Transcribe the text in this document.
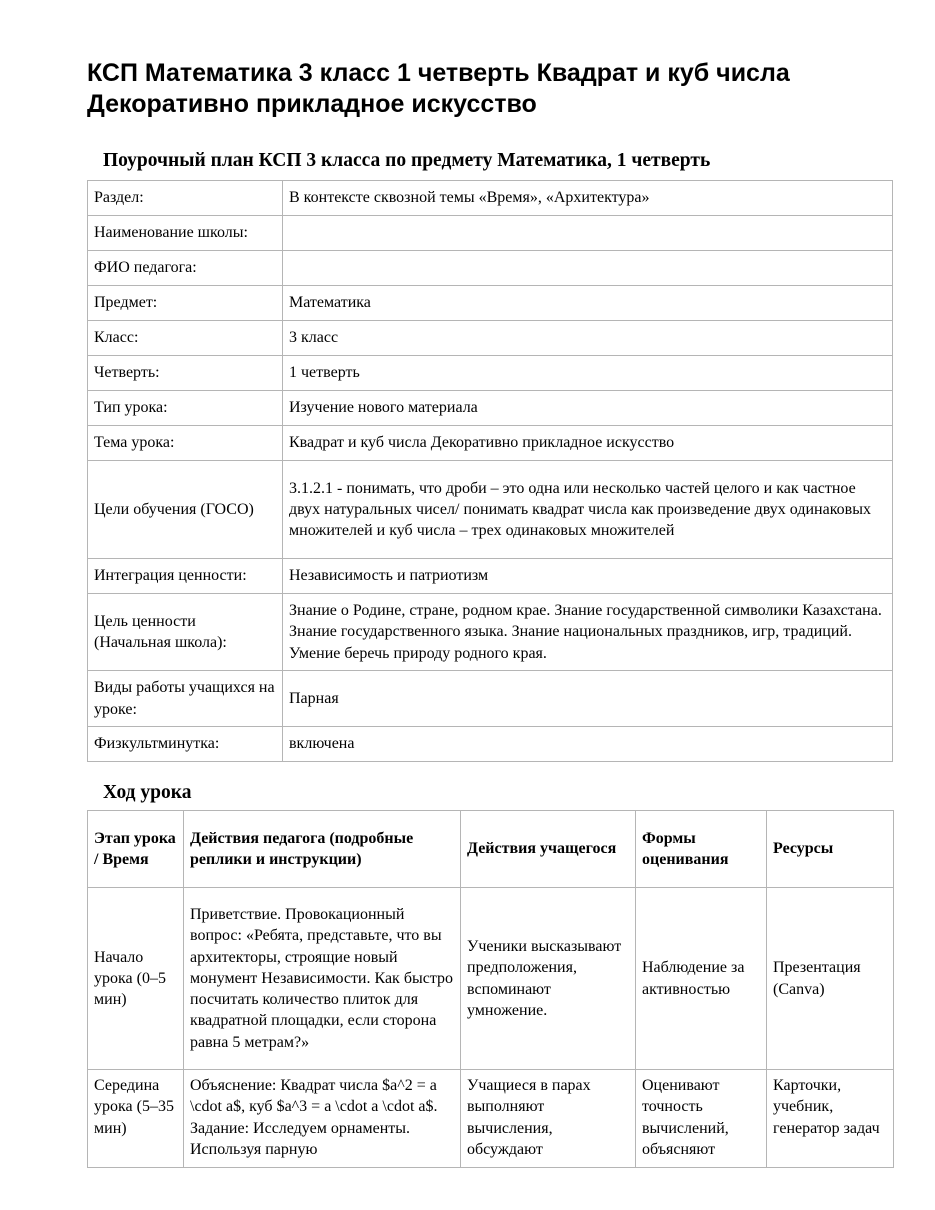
КСП Математика 3 класс 1 четверть Квадрат и куб числа
Декоративно прикладное искусство
Поурочный план КСП 3 класса по предмету Математика, 1 четверть
Раздел:	В контексте сквозной темы «Время», «Архитектура»
Наименование школы:	
ФИО педагога:	
Предмет:	Математика
Класс:	3 класс
Четверть:	1 четверть
Тип урока:	Изучение нового материала
Тема урока:	Квадрат и куб числа Декоративно прикладное искусство
Цели обучения (ГОСО)	3.1.2.1 - понимать, что дроби – это одна или несколько частей целого и как частное двух натуральных чисел/ понимать квадрат числа как произведение двух одинаковых множителей и куб числа – трех одинаковых множителей
Интеграция ценности:	Независимость и патриотизм
Цель ценности (Начальная школа):	Знание о Родине, стране, родном крае. Знание государственной символики Казахстана. Знание государственного языка. Знание национальных праздников, игр, традиций. Умение беречь природу родного края.
Виды работы учащихся на уроке:	Парная
Физкультминутка:	включена
Ход урока
Этап урока / Время	Действия педагога (подробные реплики и инструкции)	Действия учащегося	Формы оценивания	Ресурсы
Начало урока (0–5 мин)	Приветствие. Провокационный вопрос: «Ребята, представьте, что вы архитекторы, строящие новый монумент Независимости. Как быстро посчитать количество плиток для квадратной площадки, если сторона равна 5 метрам?»	Ученики высказывают предположения, вспоминают умножение.	Наблюдение за активностью	Презентация (Canva)
Середина урока (5–35 мин)	Объяснение: Квадрат числа $a^2 = a \cdot a$, куб $a^3 = a \cdot a \cdot a$. Задание: Исследуем орнаменты. Используя парную	Учащиеся в парах выполняют вычисления, обсуждают	Оценивают точность вычислений, объясняют	Карточки, учебник, генератор задач
